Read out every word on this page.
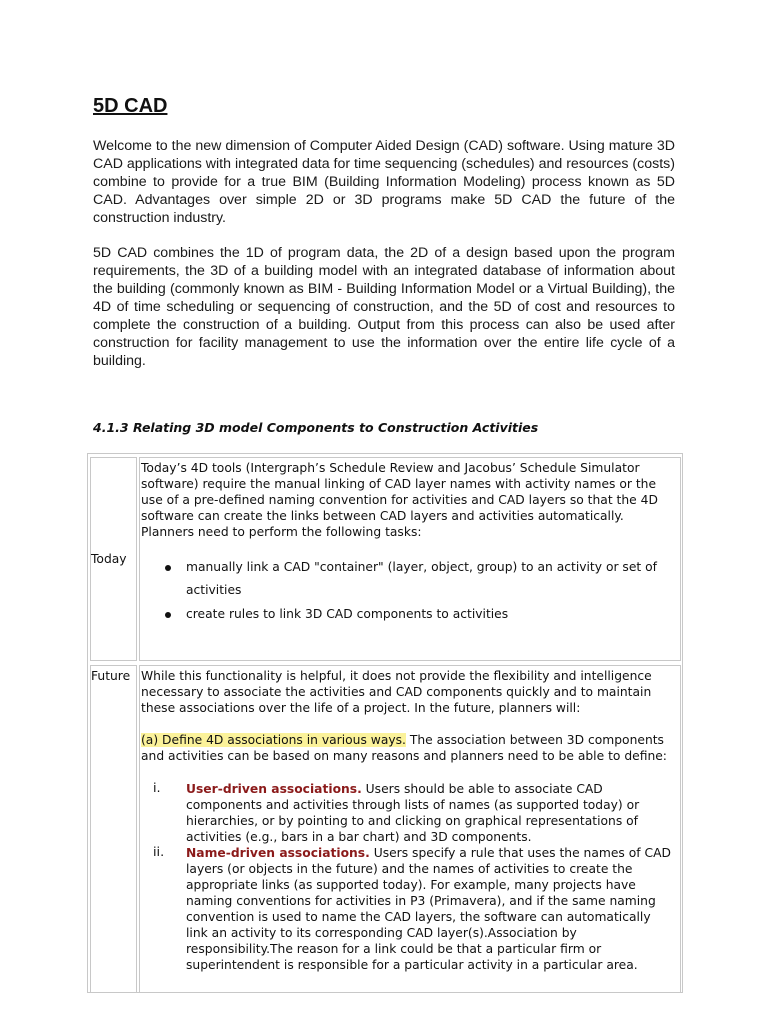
5D CAD
Welcome to the new dimension of Computer Aided Design (CAD) software. Using mature 3D CAD applications with integrated data for time sequencing (schedules) and resources (costs) combine to provide for a true BIM (Building Information Modeling) process known as 5D CAD. Advantages over simple 2D or 3D programs make 5D CAD the future of the construction industry.
5D CAD combines the 1D of program data, the 2D of a design based upon the program requirements, the 3D of a building model with an integrated database of information about the building (commonly known as BIM - Building Information Model or a Virtual Building), the 4D of time scheduling or sequencing of construction, and the 5D of cost and resources to complete the construction of a building. Output from this process can also be used after construction for facility management to use the information over the entire life cycle of a building.
4.1.3 Relating 3D model Components to Construction Activities
Today
Today’s 4D tools (Intergraph’s Schedule Review and Jacobus’ Schedule Simulator software) require the manual linking of CAD layer names with activity names or the use of a pre-defined naming convention for activities and CAD layers so that the 4D software can create the links between CAD layers and activities automatically. Planners need to perform the following tasks:
manually link a CAD "container" (layer, object, group) to an activity or set of activities
create rules to link 3D CAD components to activities
Future While this functionality is helpful, it does not provide the flexibility and intelligence necessary to associate the activities and CAD components quickly and to maintain these associations over the life of a project. In the future, planners will:
(a) Define 4D associations in various ways. The association between 3D components and activities can be based on many reasons and planners need to be able to define:
i. User-driven associations. Users should be able to associate CAD components and activities through lists of names (as supported today) or hierarchies, or by pointing to and clicking on graphical representations of activities (e.g., bars in a bar chart) and 3D components.
ii. Name-driven associations. Users specify a rule that uses the names of CAD layers (or objects in the future) and the names of activities to create the appropriate links (as supported today). For example, many projects have naming conventions for activities in P3 (Primavera), and if the same naming convention is used to name the CAD layers, the software can automatically link an activity to its corresponding CAD layer(s).Association by responsibility.The reason for a link could be that a particular firm or superintendent is responsible for a particular activity in a particular area.
